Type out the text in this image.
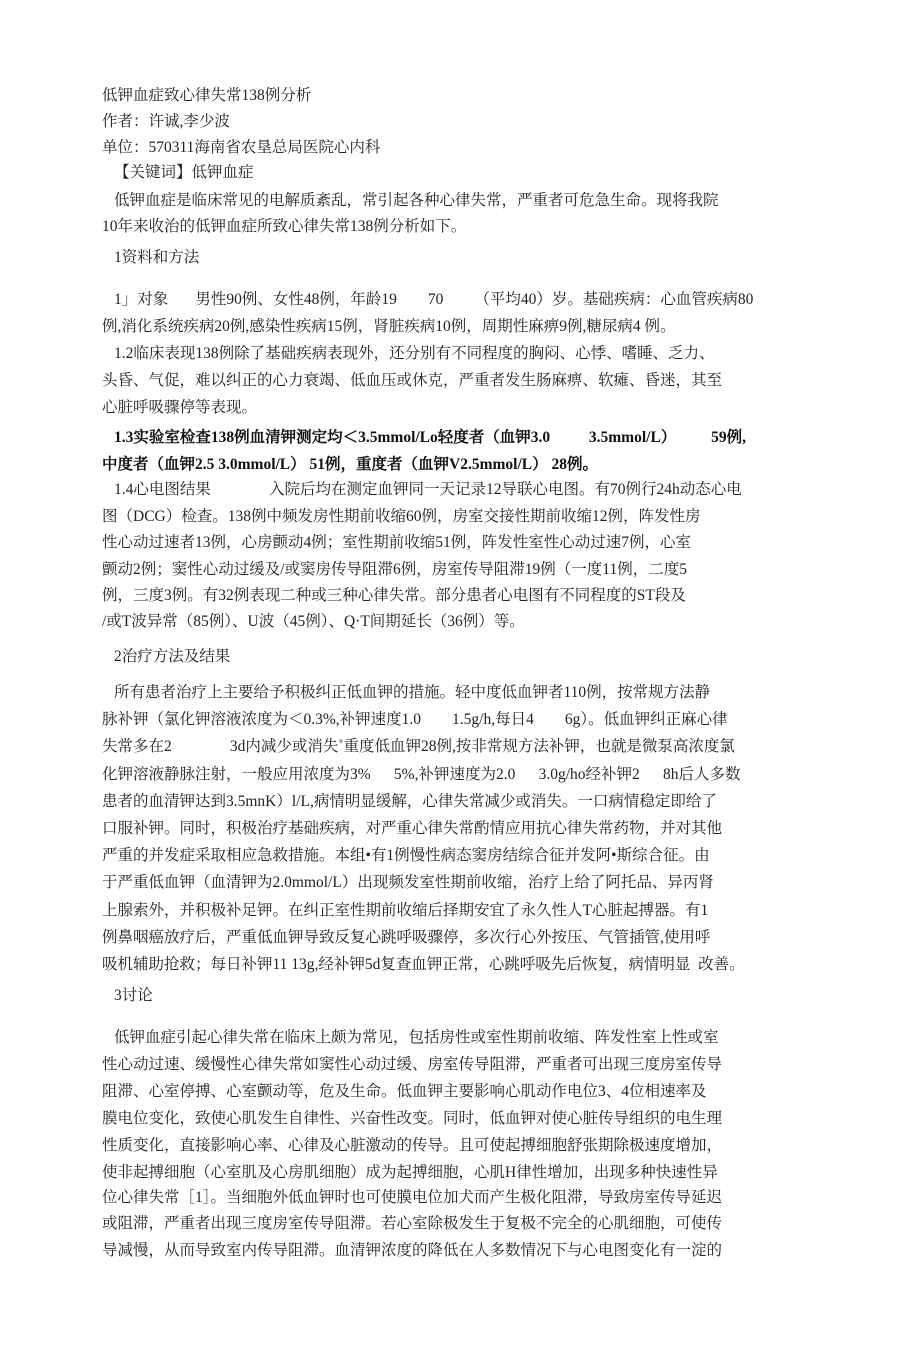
低钾血症致心律失常138例分析
作者：许诚,李少波
单位：570311海南省农垦总局医院心内科
【关键词】低钾血症
低钾血症是临床常见的电解质紊乱，常引起各种心律失常，严重者可危急生命。现将我院
10年来收治的低钾血症所致心律失常138例分析如下。
1资料和方法
1」对象       男性90例、女性48例，年龄19        70        （平均40）岁。基础疾病：心血管疾病80
例,消化系统疾病20例,感染性疾病15例，肾脏疾病10例，周期性麻痹9例,糖尿病4 例。
1.2临床表现138例除了基础疾病表现外，还分别有不同程度的胸闷、心悸、嗜睡、乏力、
头昏、气促，难以纠正的心力衰竭、低血压或休克，严重者发生肠麻痹、软瘫、昏迷，其至
心脏呼吸骤停等表现。
1.3实验室检查138例血清钾测定均＜3.5mmol/Lo轻度者（血钾3.0          3.5mmol/L）         59例,
中度者（血钾2.5 3.0mmol/L） 51例，重度者（血钾V2.5mmol/L） 28例。
1.4心电图结果               入院后均在测定血钾同一天记录12导联心电图。有70例行24h动态心电
图（DCG）检查。138例中频发房性期前收缩60例，房室交接性期前收缩12例，阵发性房
性心动过速者13例，心房颤动4例；室性期前收缩51例，阵发性室性心动过速7例，心室
颤动2例；窦性心动过缓及/或窦房传导阻滞6例，房室传导阻滞19例（一度11例，二度5
例，三度3例。有32例表现二种或三种心律失常。部分患者心电图有不同程度的ST段及
/或T波异常（85例）、U波（45例）、Q·T间期延长（36例）等。
2治疗方法及结果
所有患者治疗上主要给予积极纠正低血钾的措施。轻中度低血钾者110例，按常规方法静
脉补钾（氯化钾溶液浓度为＜0.3%,补钾速度1.0        1.5g/h,每日4        6g）。低血钾纠正麻心律
失常多在2               3d内减少或消失˚重度低血钾28例,按非常规方法补钾，也就是微泵高浓度氯
化钾溶液静脉注射，一般应用浓度为3%      5%,补钾速度为2.0      3.0g/ho经补钾2      8h后人多数
患者的血清钾达到3.5mnK）l/L,病情明显缓解，心律失常减少或消失。一口病情稳定即给了
口服补钾。同时，积极治疗基础疾病，对严重心律失常酌情应用抗心律失常药物，并对其他
严重的并发症采取相应急救措施。本组•有1例慢性病态窦房结综合征并发阿•斯综合征。由
于严重低血钾（血清钾为2.0mmol/L）出现频发室性期前收缩，治疗上给了阿托品、异丙肾
上腺索外，并积极补足钾。在纠正室性期前收缩后择期安宜了永久性人T心脏起搏器。有1
例鼻咽癌放疗后，严重低血钾导致反复心跳呼吸骤停，多次行心外按压、气管插管,使用呼
吸机辅助抢救；每日补钾11 13g,经补钾5d复查血钾正常，心跳呼吸先后恢复，病情明显  改善。
3讨论
低钾血症引起心律失常在临床上颇为常见，包括房性或室性期前收缩、阵发性室上性或室
性心动过速、缓慢性心律失常如窦性心动过缓、房室传导阻滞，严重者可出现三度房室传导
阻滞、心室停搏、心室颤动等，危及生命。低血钾主要影响心肌动作电位3、4位相速率及
膜电位变化，致使心肌发生自律性、兴奋性改变。同时，低血钾对使心脏传导组织的电生理
性质变化，直接影响心率、心律及心脏激动的传导。且可使起搏细胞舒张期除极速度增加，
使非起搏细胞（心室肌及心房肌细胞）成为起搏细胞，心肌H律性增加，出现多种快速性异
位心律失常［1］。当细胞外低血钾时也可使膜电位加犬而产生极化阻滞，导致房室传导延迟
或阻滞，严重者出现三度房室传导阻滞。若心室除极发生于复极不完全的心肌细胞，可使传
导减慢，从而导致室内传导阻滞。血清钾浓度的降低在人多数情况下与心电图变化有一淀的
